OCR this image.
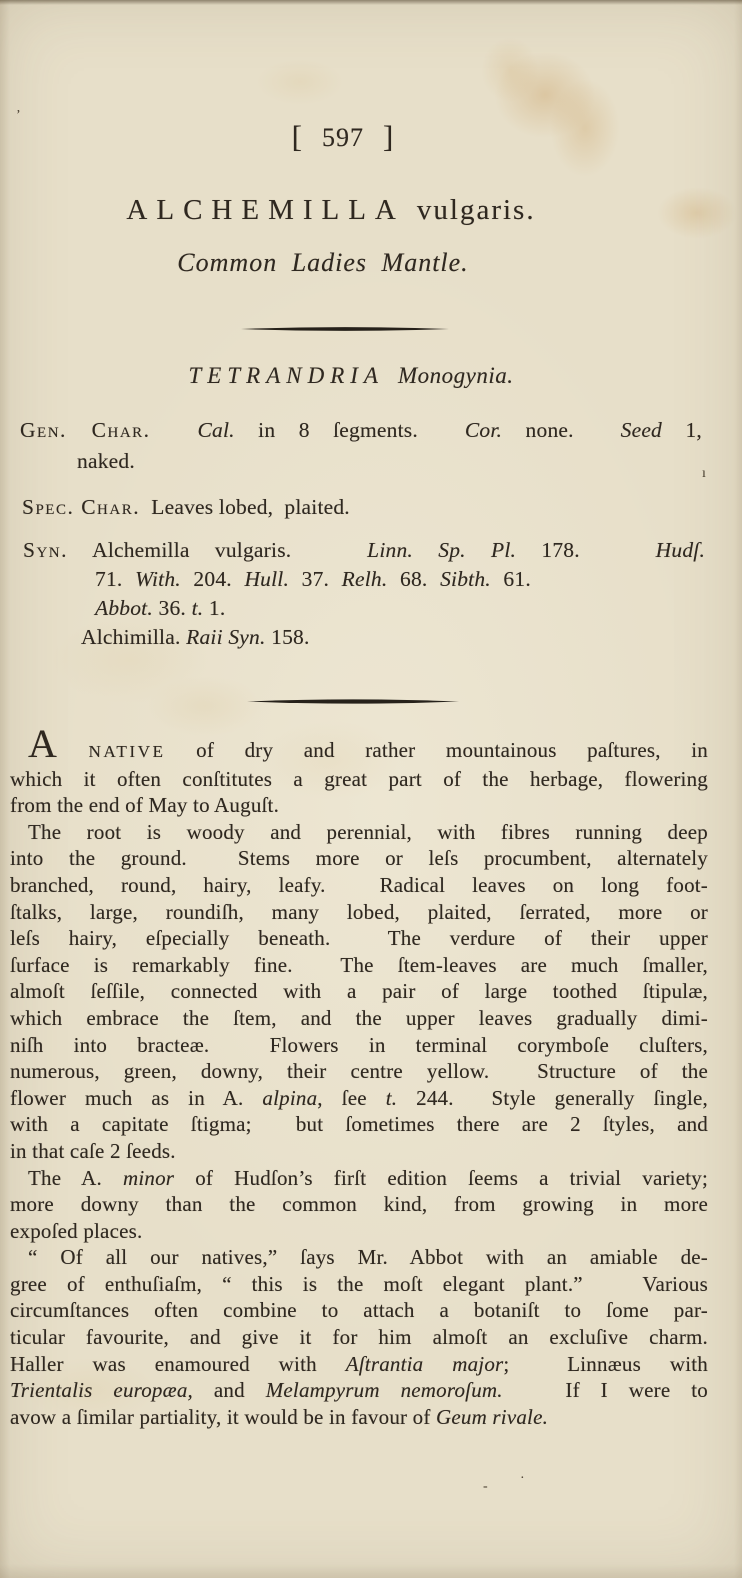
[ 597 ]
ALCHEMILLA vulgaris.
Common Ladies Mantle.
TETRANDRIA Monogynia.
Gen. Char. Cal. in 8 ſegments.  Cor. none.  Seed 1,
naked.
Spec. Char.  Leaves lobed,  plaited.
Syn. Alchemilla vulgaris.   Linn. Sp. Pl. 178.   Hudſ.
71. With. 204. Hull. 37. Relh. 68. Sibth. 61.
Abbot. 36. t. 1.
Alchimilla. Raii Syn. 158.
A NATIVE of dry and rather mountainous paſtures, in
which it often conſtitutes a great part of the herbage, flowering
from the end of May to Auguſt.
The root is woody and perennial, with fibres running deep
into the ground.  Stems more or leſs procumbent, alternately
branched, round, hairy, leafy.  Radical leaves on long foot-
ſtalks, large, roundiſh, many lobed, plaited, ſerrated, more or
leſs hairy, eſpecially beneath.  The verdure of their upper
ſurface is remarkably fine.  The ſtem-leaves are much ſmaller,
almoſt ſeſſile, connected with a pair of large toothed ſtipulæ,
which embrace the ſtem, and the upper leaves gradually dimi-
niſh into bracteæ.  Flowers in terminal corymboſe cluſters,
numerous, green, downy, their centre yellow.  Structure of the
flower much as in A. alpina, ſee t. 244.  Style generally ſingle,
with a capitate ſtigma;  but ſometimes there are 2 ſtyles, and
in that caſe 2 ſeeds.
The A. minor of Hudſon’s firſt edition ſeems a trivial variety;
more downy than the common kind, from growing in more
expoſed places.
“ Of all our natives,” ſays Mr. Abbot with an amiable de-
gree of enthuſiaſm, “ this is the moſt elegant plant.”   Various
circumſtances often combine to attach a botaniſt to ſome par-
ticular favourite, and give it for him almoſt an excluſive charm.
Haller was enamoured with Aſtrantia major;  Linnæus with
Trientalis europæa, and Melampyrum nemoroſum.   If I were to
avow a ſimilar partiality, it would be in favour of Geum rivale.
’
ı
-
·
